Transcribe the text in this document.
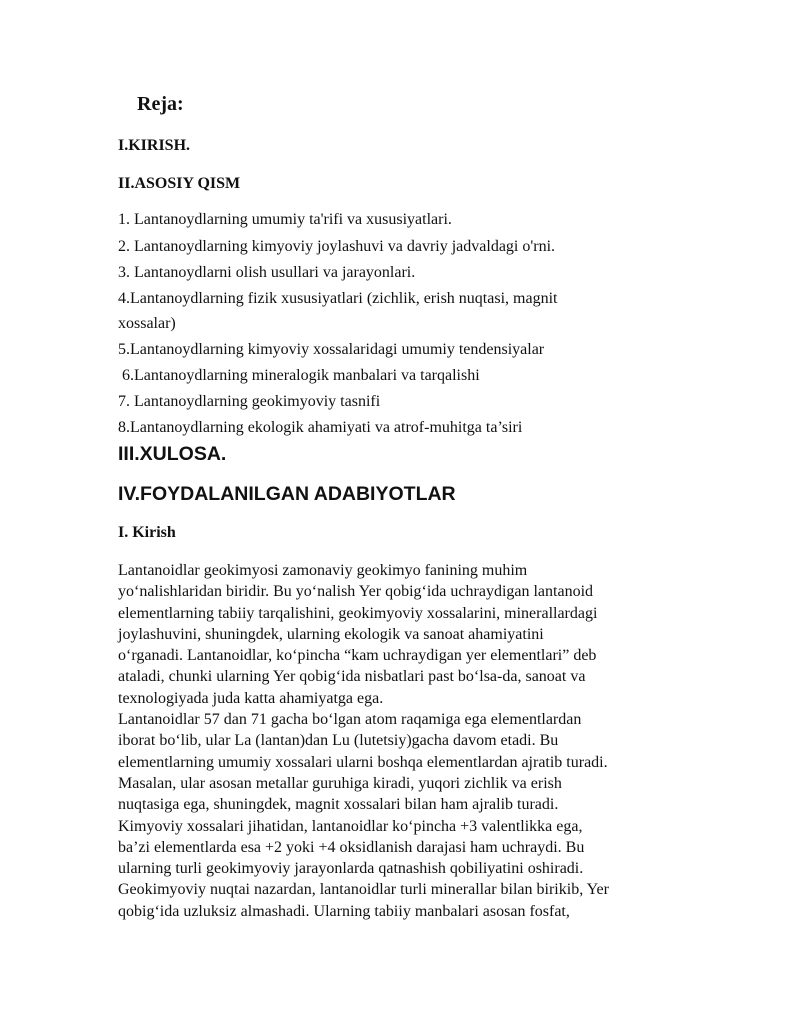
Reja:

I.KIRISH.

II.ASOSIY QISM

1. Lantanoydlarning umumiy ta'rifi va xususiyatlari.

2. Lantanoydlarning kimyoviy joylashuvi va davriy jadvaldagi o'rni.

3. Lantanoydlarni olish usullari va jarayonlari.

4.Lantanoydlarning fizik xususiyatlari (zichlik, erish nuqtasi, magnit

xossalar)

5.Lantanoydlarning kimyoviy xossalaridagi umumiy tendensiyalar

6.Lantanoydlarning mineralogik manbalari va tarqalishi

7. Lantanoydlarning geokimyoviy tasnifi

8.Lantanoydlarning ekologik ahamiyati va atrof-muhitga ta’siri

III.XULOSA.
IV.FOYDALANILGAN ADABIYOTLAR
I. Kirish
Lantanoidlar geokimyosi zamonaviy geokimyo fanining muhim
yo‘nalishlaridan biridir. Bu yo‘nalish Yer qobig‘ida uchraydigan lantanoid
elementlarning tabiiy tarqalishini, geokimyoviy xossalarini, minerallardagi
joylashuvini, shuningdek, ularning ekologik va sanoat ahamiyatini
o‘rganadi. Lantanoidlar, ko‘pincha “kam uchraydigan yer elementlari” deb
ataladi, chunki ularning Yer qobig‘ida nisbatlari past bo‘lsa-da, sanoat va
texnologiyada juda katta ahamiyatga ega.
Lantanoidlar 57 dan 71 gacha bo‘lgan atom raqamiga ega elementlardan
iborat bo‘lib, ular La (lantan)dan Lu (lutetsiy)gacha davom etadi. Bu
elementlarning umumiy xossalari ularni boshqa elementlardan ajratib turadi.
Masalan, ular asosan metallar guruhiga kiradi, yuqori zichlik va erish
nuqtasiga ega, shuningdek, magnit xossalari bilan ham ajralib turadi.
Kimyoviy xossalari jihatidan, lantanoidlar ko‘pincha +3 valentlikka ega,
ba’zi elementlarda esa +2 yoki +4 oksidlanish darajasi ham uchraydi. Bu
ularning turli geokimyoviy jarayonlarda qatnashish qobiliyatini oshiradi.
Geokimyoviy nuqtai nazardan, lantanoidlar turli minerallar bilan birikib, Yer
qobig‘ida uzluksiz almashadi. Ularning tabiiy manbalari asosan fosfat,
